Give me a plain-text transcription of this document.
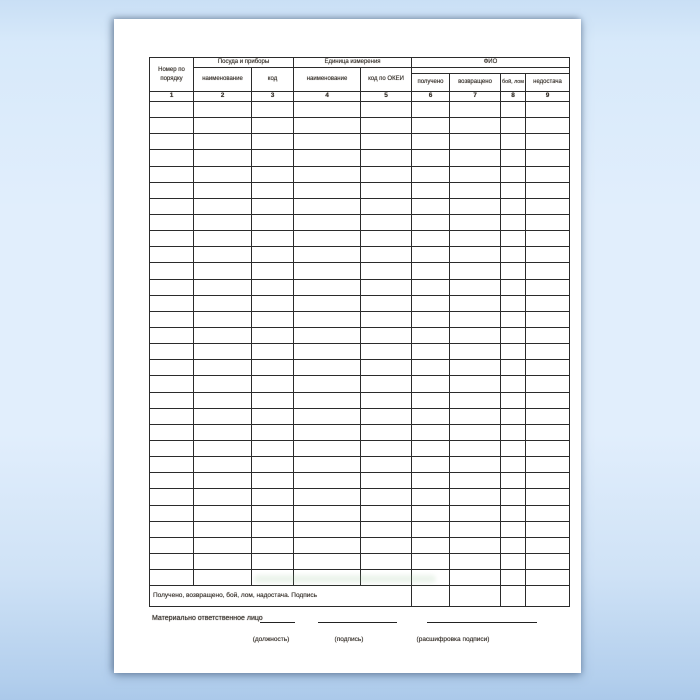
Номер по порядку	Посуда и приборы		Единица измерения		ФИО			
	наименование	код	наименование	код по ОКЕИ				
					получено	возвращено	бой, лом	недостача
1	2	3	4	5	6	7	8	9

Получено, возвращено, бой, лом, надостача. Подпись								
Материально ответственное лицо
(должность)	(подпись)	(расшифровка подписи)
